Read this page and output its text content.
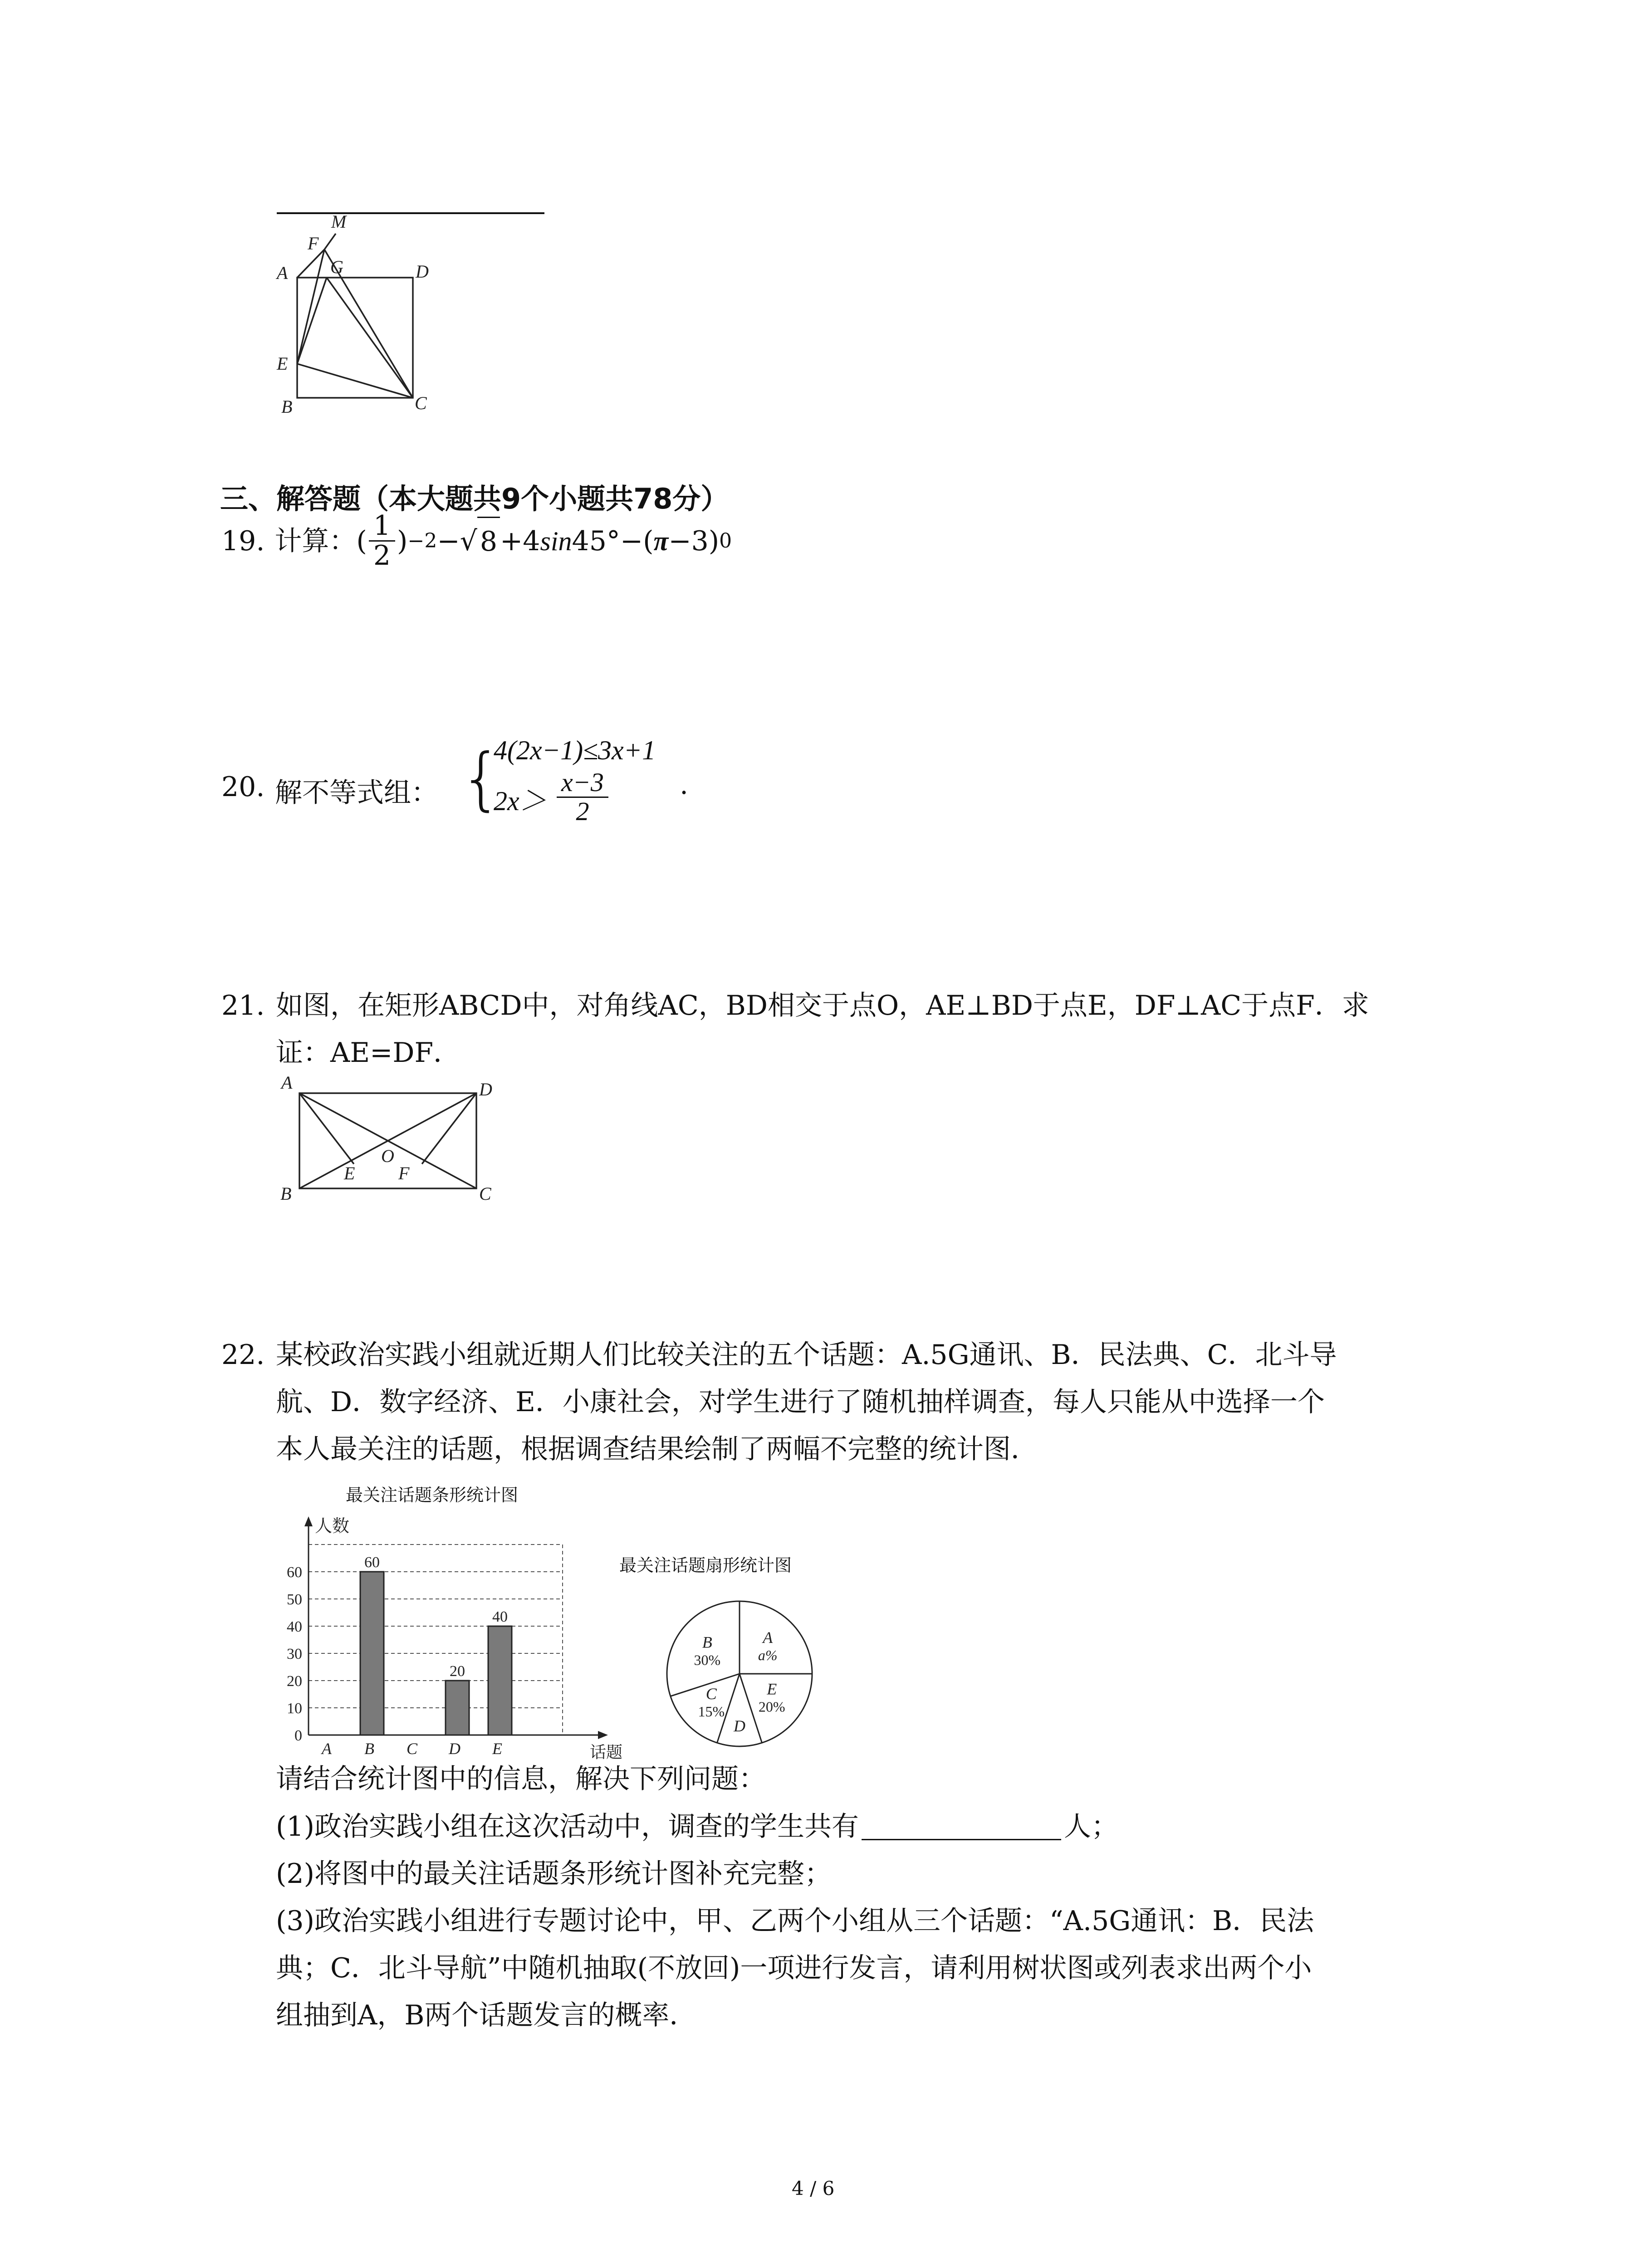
M
F
A G	D
E
B	C
三、解答题（本大题共9个小题共78分）
19. 计算：( $\frac{1}{2}$ ) −2 − √ 8 +4 sin 45°−( π −3) 0
20. 解不等式组： {
4(2x−1)≤3x+1
$2x> \frac{x-3}{2}$	.
21. 如图，在矩形ABCD中，对角线AC，BD相交于点O，AE⊥BD于点E，DF⊥AC于点F．求
证：AE=DF．
A	D
O
E F
B	C
22. 某校政治实践小组就近期人们比较关注的五个话题：A.5G通讯、B．民法典、C．北斗导
航、D．数字经济、E．小康社会，对学生进行了随机抽样调查，每人只能从中选择一个
本人最关注的话题，根据调查结果绘制了两幅不完整的统计图．
最关注话题条形统计图
0
10
20
30
40
50
60
人数
话题
A B
60
C D
20
E
40
最关注话题扇形统计图
A
a%
E
20%
D
C
15%
B
30%
请结合统计图中的信息，解决下列问题：
(1)政治实践小组在这次活动中，调查的学生共有	人；
(2)将图中的最关注话题条形统计图补充完整；
(3)政治实践小组进行专题讨论中，甲、乙两个小组从三个话题：“A.5G通讯：B．民法
典；C．北斗导航”中随机抽取(不放回)一项进行发言，请利用树状图或列表求出两个小
组抽到A，B两个话题发言的概率．
4 / 6
